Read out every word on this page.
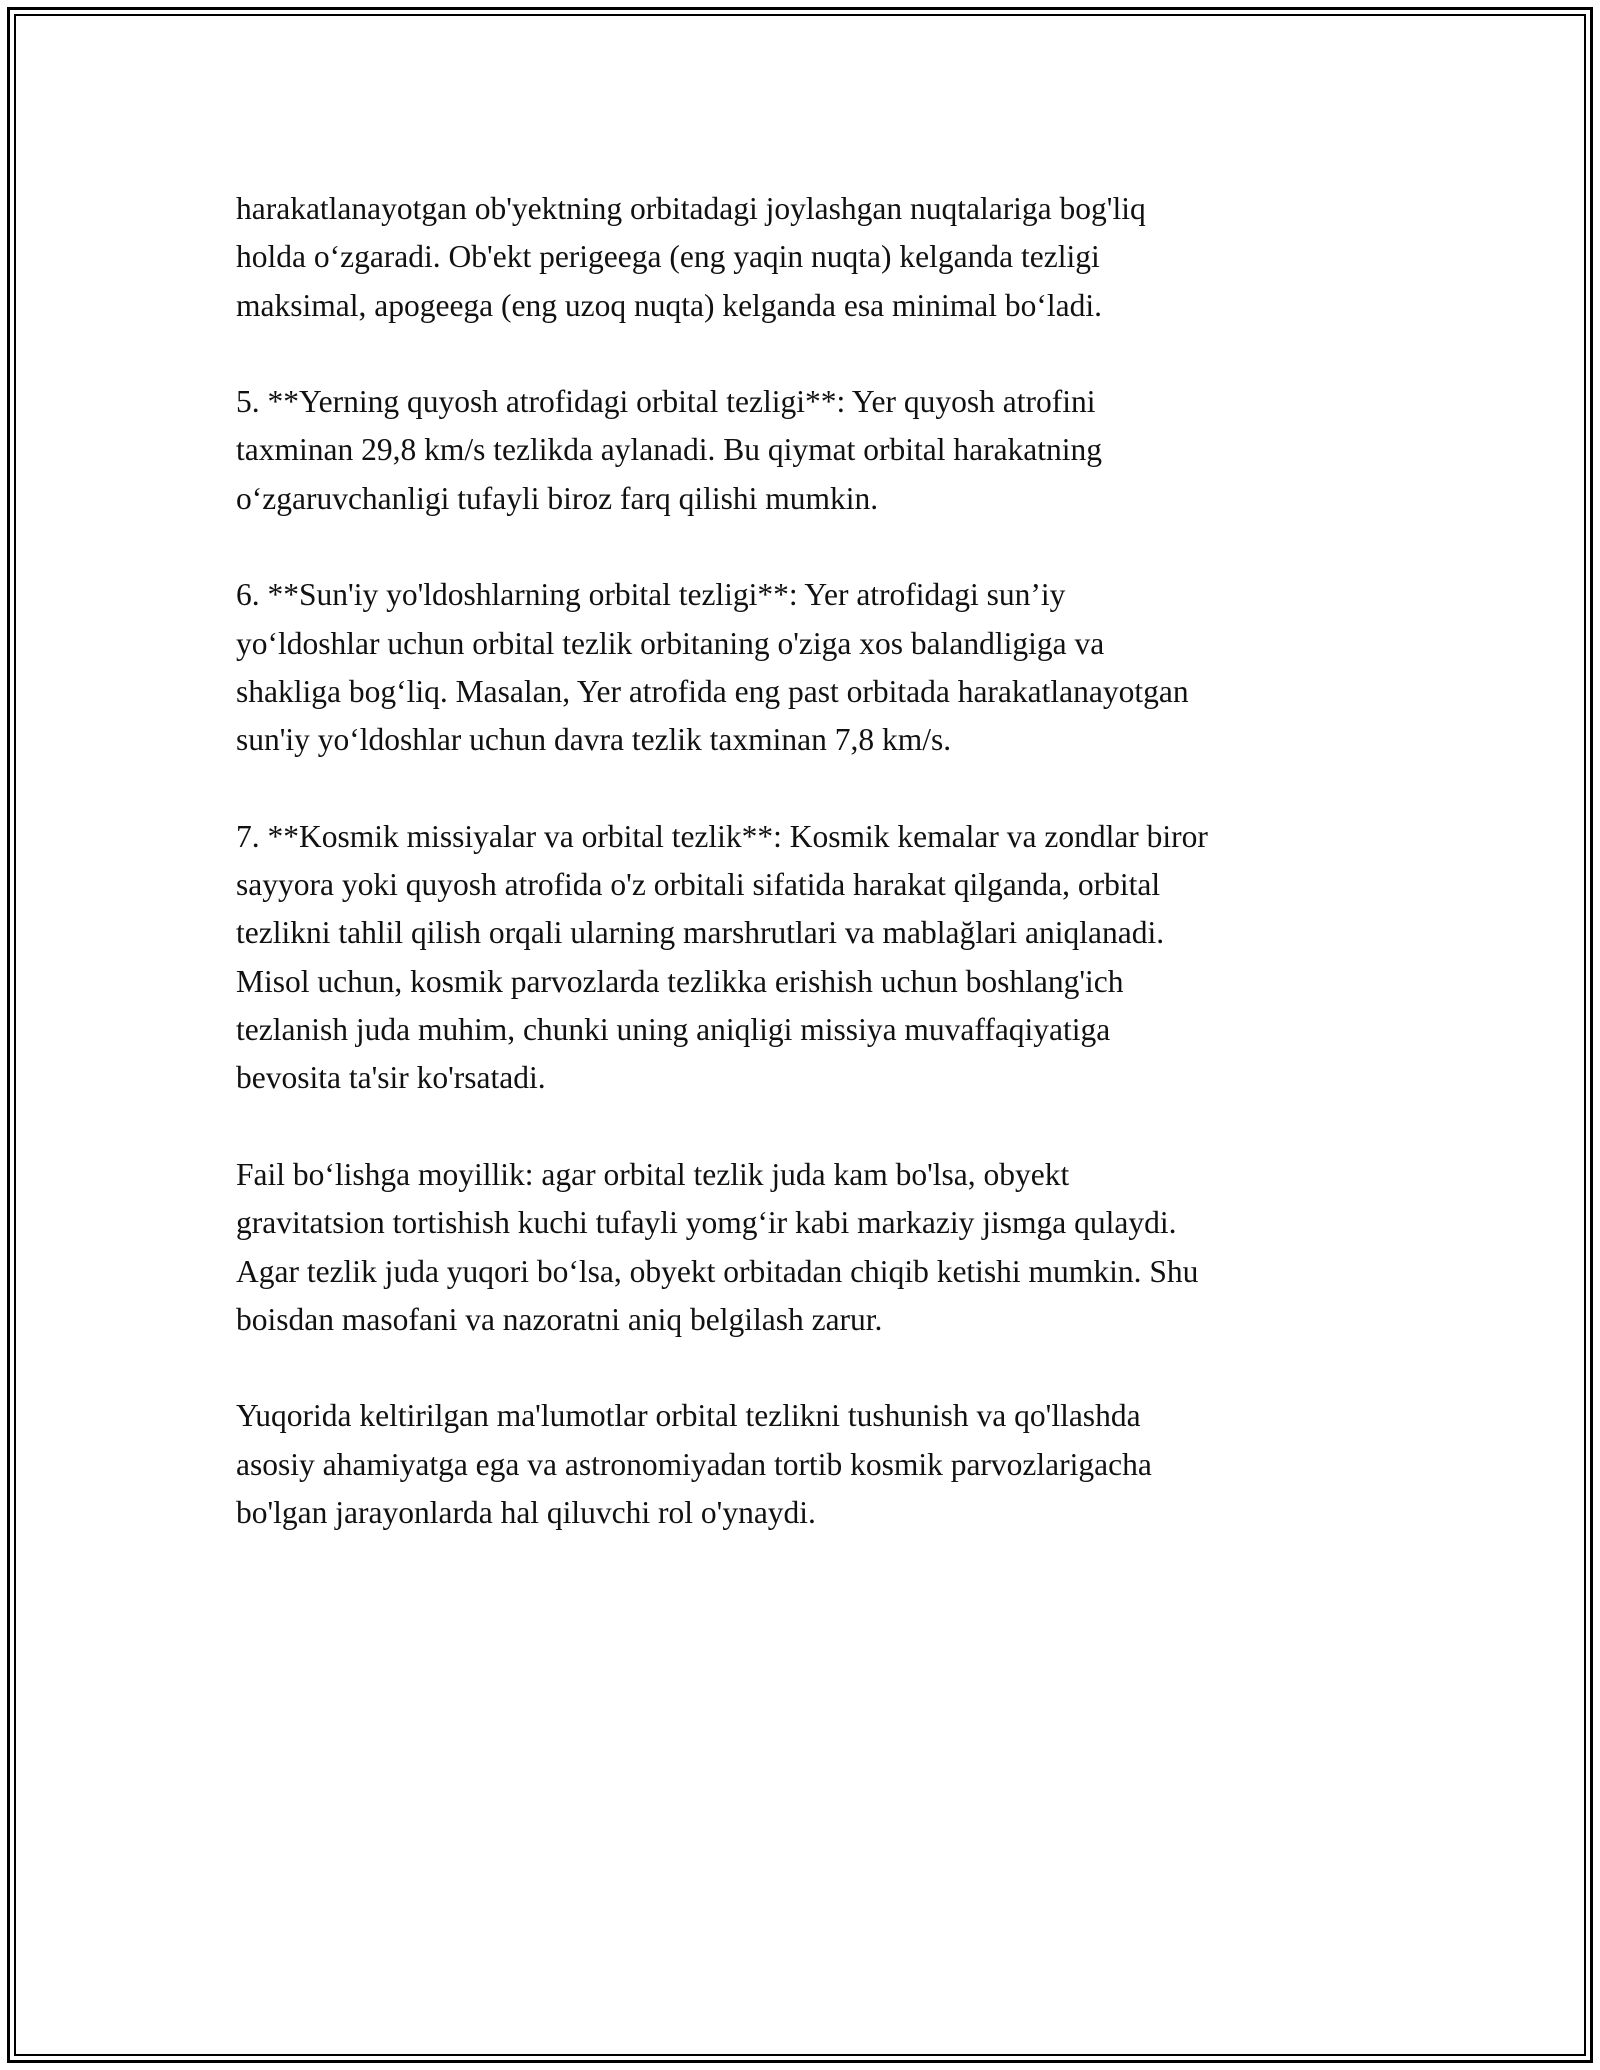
harakatlanayotgan ob'yektning orbitadagi joylashgan nuqtalariga bog'liq
holda o‘zgaradi. Ob'ekt perigeega (eng yaqin nuqta) kelganda tezligi
maksimal, apogeega (eng uzoq nuqta) kelganda esa minimal bo‘ladi.

5. **Yerning quyosh atrofidagi orbital tezligi**: Yer quyosh atrofini
taxminan 29,8 km/s tezlikda aylanadi. Bu qiymat orbital harakatning
o‘zgaruvchanligi tufayli biroz farq qilishi mumkin.

6. **Sun'iy yo'ldoshlarning orbital tezligi**: Yer atrofidagi sun’iy
yo‘ldoshlar uchun orbital tezlik orbitaning o'ziga xos balandligiga va
shakliga bog‘liq. Masalan, Yer atrofida eng past orbitada harakatlanayotgan
sun'iy yo‘ldoshlar uchun davra tezlik taxminan 7,8 km/s.

7. **Kosmik missiyalar va orbital tezlik**: Kosmik kemalar va zondlar biror
sayyora yoki quyosh atrofida o'z orbitali sifatida harakat qilganda, orbital
tezlikni tahlil qilish orqali ularning marshrutlari va mablağlari aniqlanadi.
Misol uchun, kosmik parvozlarda tezlikka erishish uchun boshlang'ich
tezlanish juda muhim, chunki uning aniqligi missiya muvaffaqiyatiga
bevosita ta'sir ko'rsatadi.

Fail bo‘lishga moyillik: agar orbital tezlik juda kam bo'lsa, obyekt
gravitatsion tortishish kuchi tufayli yomg‘ir kabi markaziy jismga qulaydi.
Agar tezlik juda yuqori bo‘lsa, obyekt orbitadan chiqib ketishi mumkin. Shu
boisdan masofani va nazoratni aniq belgilash zarur.

Yuqorida keltirilgan ma'lumotlar orbital tezlikni tushunish va qo'llashda
asosiy ahamiyatga ega va astronomiyadan tortib kosmik parvozlarigacha
bo'lgan jarayonlarda hal qiluvchi rol o'ynaydi.
